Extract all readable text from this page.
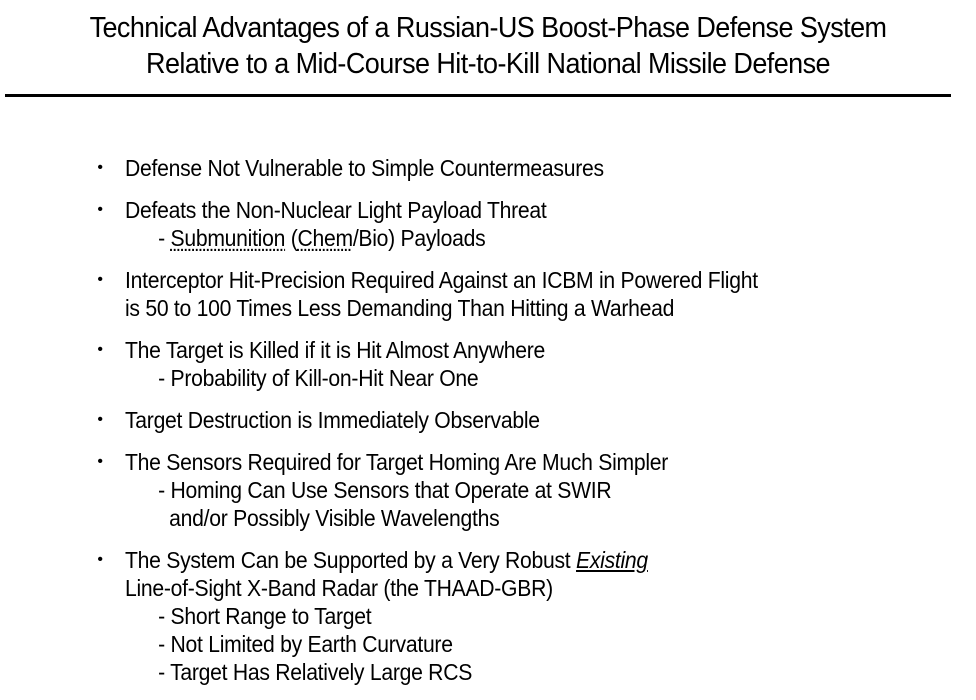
Technical Advantages of a Russian-US Boost-Phase Defense System
Relative to a Mid-Course Hit-to-Kill National Missile Defense
• Defense Not Vulnerable to Simple Countermeasures
• Defeats the Non-Nuclear Light Payload Threat
- Submunition (Chem/Bio) Payloads
• Interceptor Hit-Precision Required Against an ICBM in Powered Flight
is 50 to 100 Times Less Demanding Than Hitting a Warhead
• The Target is Killed if it is Hit Almost Anywhere
- Probability of Kill-on-Hit Near One
• Target Destruction is Immediately Observable
• The Sensors Required for Target Homing Are Much Simpler
- Homing Can Use Sensors that Operate at SWIR
and/or Possibly Visible Wavelengths
• The System Can be Supported by a Very Robust Existing
Line-of-Sight X-Band Radar (the THAAD-GBR)
- Short Range to Target
- Not Limited by Earth Curvature
- Target Has Relatively Large RCS
